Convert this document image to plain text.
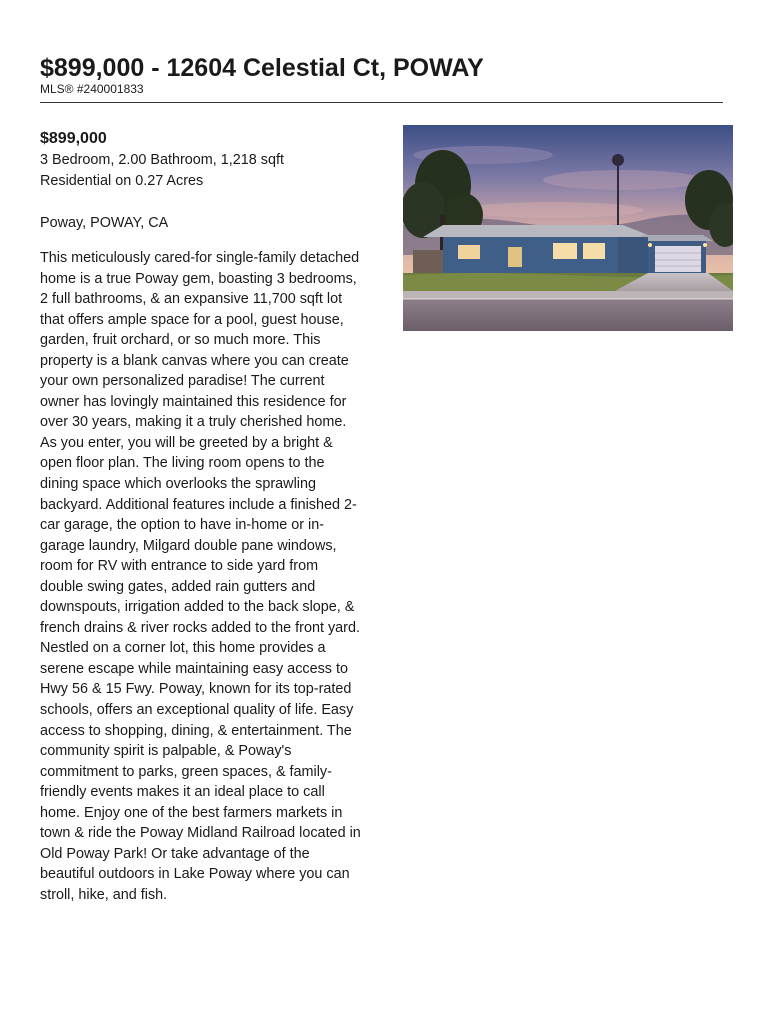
$899,000 - 12604 Celestial Ct, POWAY
MLS® #240001833

$899,000

3 Bedroom, 2.00 Bathroom, 1,218 sqft

Residential on 0.27 Acres

Poway, POWAY, CA

This meticulously cared-for single-family detached home is a true Poway gem, boasting 3 bedrooms, 2 full bathrooms, & an expansive 11,700 sqft lot that offers ample space for a pool, guest house, garden, fruit orchard, or so much more. This property is a blank canvas where you can create your own personalized paradise! The current owner has lovingly maintained this residence for over 30 years, making it a truly cherished home. As you enter, you will be greeted by a bright & open floor plan. The living room opens to the dining space which overlooks the sprawling backyard. Additional features include a finished 2-car garage, the option to have in-home or in-garage laundry, Milgard double pane windows, room for RV with entrance to side yard from double swing gates, added rain gutters and downspouts, irrigation added to the back slope, & french drains & river rocks added to the front yard. Nestled on a corner lot, this home provides a serene escape while maintaining easy access to Hwy 56 & 15 Fwy. Poway, known for its top-rated schools, offers an exceptional quality of life. Easy access to shopping, dining, & entertainment. The community spirit is palpable, & Poway's commitment to parks, green spaces, & family-friendly events makes it an ideal place to call home. Enjoy one of the best farmers markets in town & ride the Poway Midland Railroad located in Old Poway Park! Or take advantage of the beautiful outdoors in Lake Poway where you can stroll, hike, and fish.
